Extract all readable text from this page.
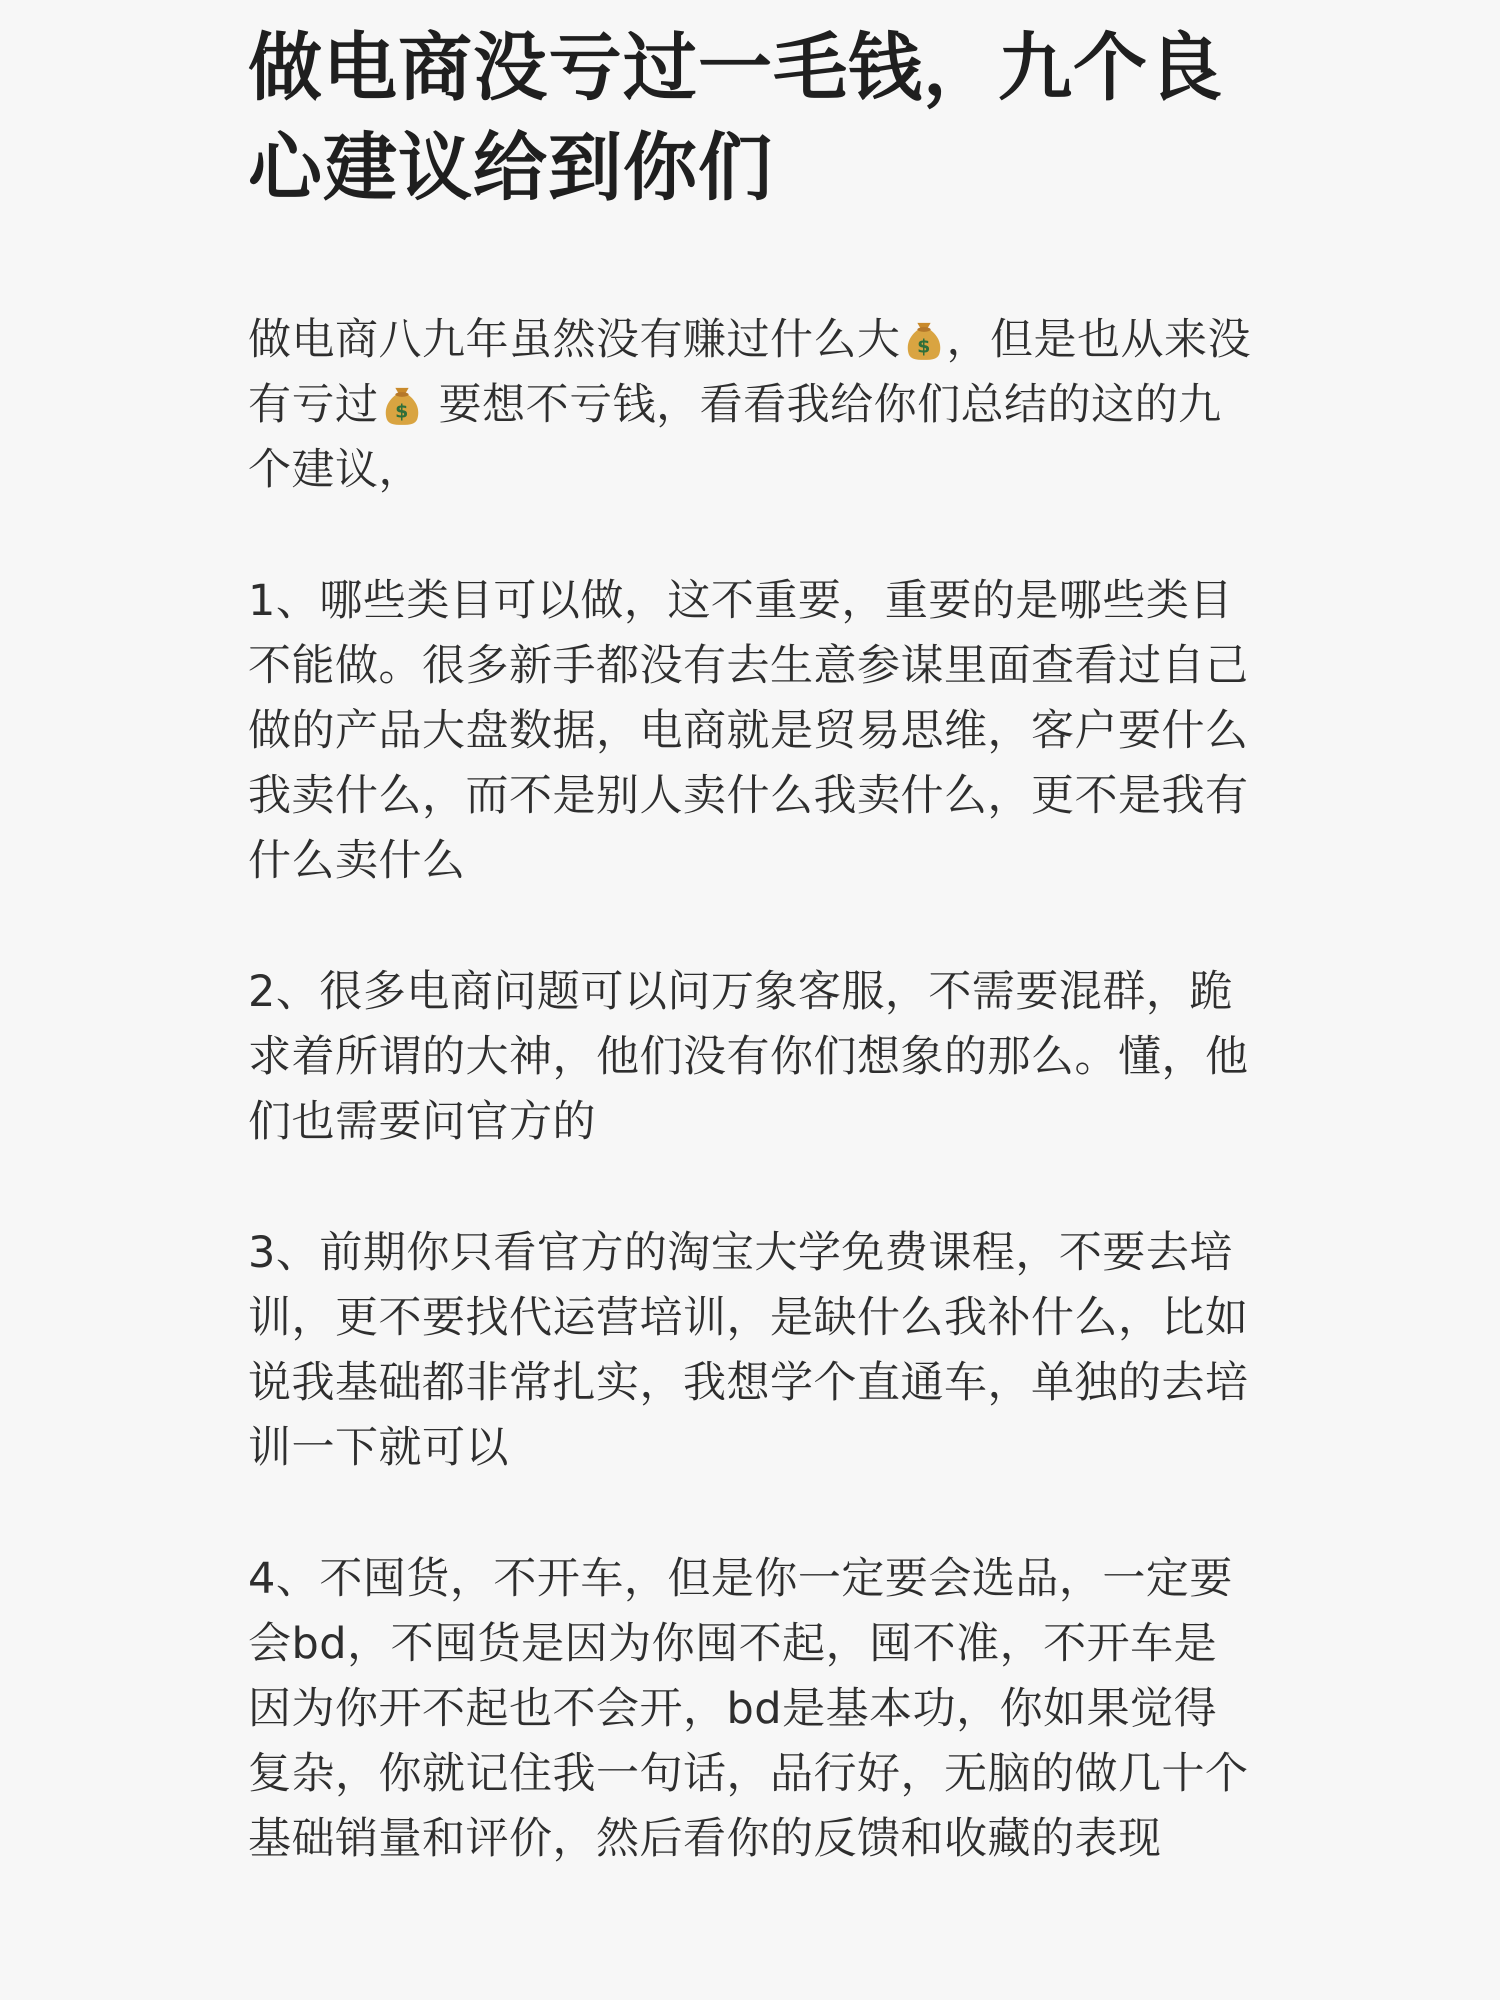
做电商没亏过一毛钱，九个良心建议给到你们

做电商八九年虽然没有赚过什么大 $ ，但是也从来没有亏过 $ 要想不亏钱，看看我给你们总结的这的九个建议，

1、哪些类目可以做，这不重要，重要的是哪些类目不能做。很多新手都没有去生意参谋里面查看过自己做的产品大盘数据，电商就是贸易思维，客户要什么我卖什么，而不是别人卖什么我卖什么，更不是我有什么卖什么

2、很多电商问题可以问万象客服，不需要混群，跪求着所谓的大神，他们没有你们想象的那么。懂，他们也需要问官方的

3、前期你只看官方的淘宝大学免费课程，不要去培训，更不要找代运营培训，是缺什么我补什么，比如说我基础都非常扎实，我想学个直通车，单独的去培训一下就可以

4、不囤货，不开车，但是你一定要会选品，一定要会bd，不囤货是因为你囤不起，囤不准，不开车是因为你开不起也不会开，bd是基本功，你如果觉得复杂，你就记住我一句话，品行好，无脑的做几十个基础销量和评价，然后看你的反馈和收藏的表现
